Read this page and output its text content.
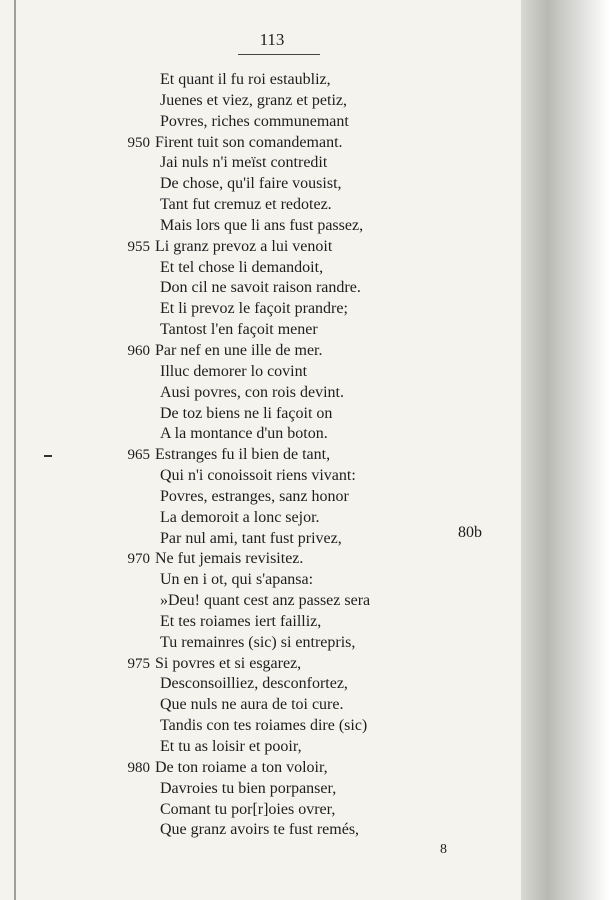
113
Et quant il fu roi estaubliz,
Juenes et viez, granz et petiz,
Povres, riches communemant
950 Firent tuit son comandemant.
Jai nuls n'i meïst contredit
De chose, qu'il faire vousist,
Tant fut cremuz et redotez.
Mais lors que li ans fust passez,
955 Li granz prevoz a lui venoit
Et tel chose li demandoit,
Don cil ne savoit raison randre.
Et li prevoz le façoit prandre;
Tantost l'en façoit mener
960 Par nef en une ille de mer.
Illuc demorer lo covint
Ausi povres, con rois devint.
De toz biens ne li façoit on
A la montance d'un boton.
965 Estranges fu il bien de tant,
Qui n'i conoissoit riens vivant:
Povres, estranges, sanz honor
La demoroit a lonc sejor.
Par nul ami, tant fust privez,
970 Ne fut jemais revisitez.
Un en i ot, qui s'apansa:
»Deu! quant cest anz passez sera
Et tes roiames iert failliz,
Tu remainres (sic) si entrepris,
975 Si povres et si esgarez,
Desconsoilliez, desconfortez,
Que nuls ne aura de toi cure.
Tandis con tes roiames dire (sic)
Et tu as loisir et pooir,
980 De ton roiame a ton voloir,
Davroies tu bien porpanser,
Comant tu por[r]oies ovrer,
Que granz avoirs te fust remés,
80b
8
